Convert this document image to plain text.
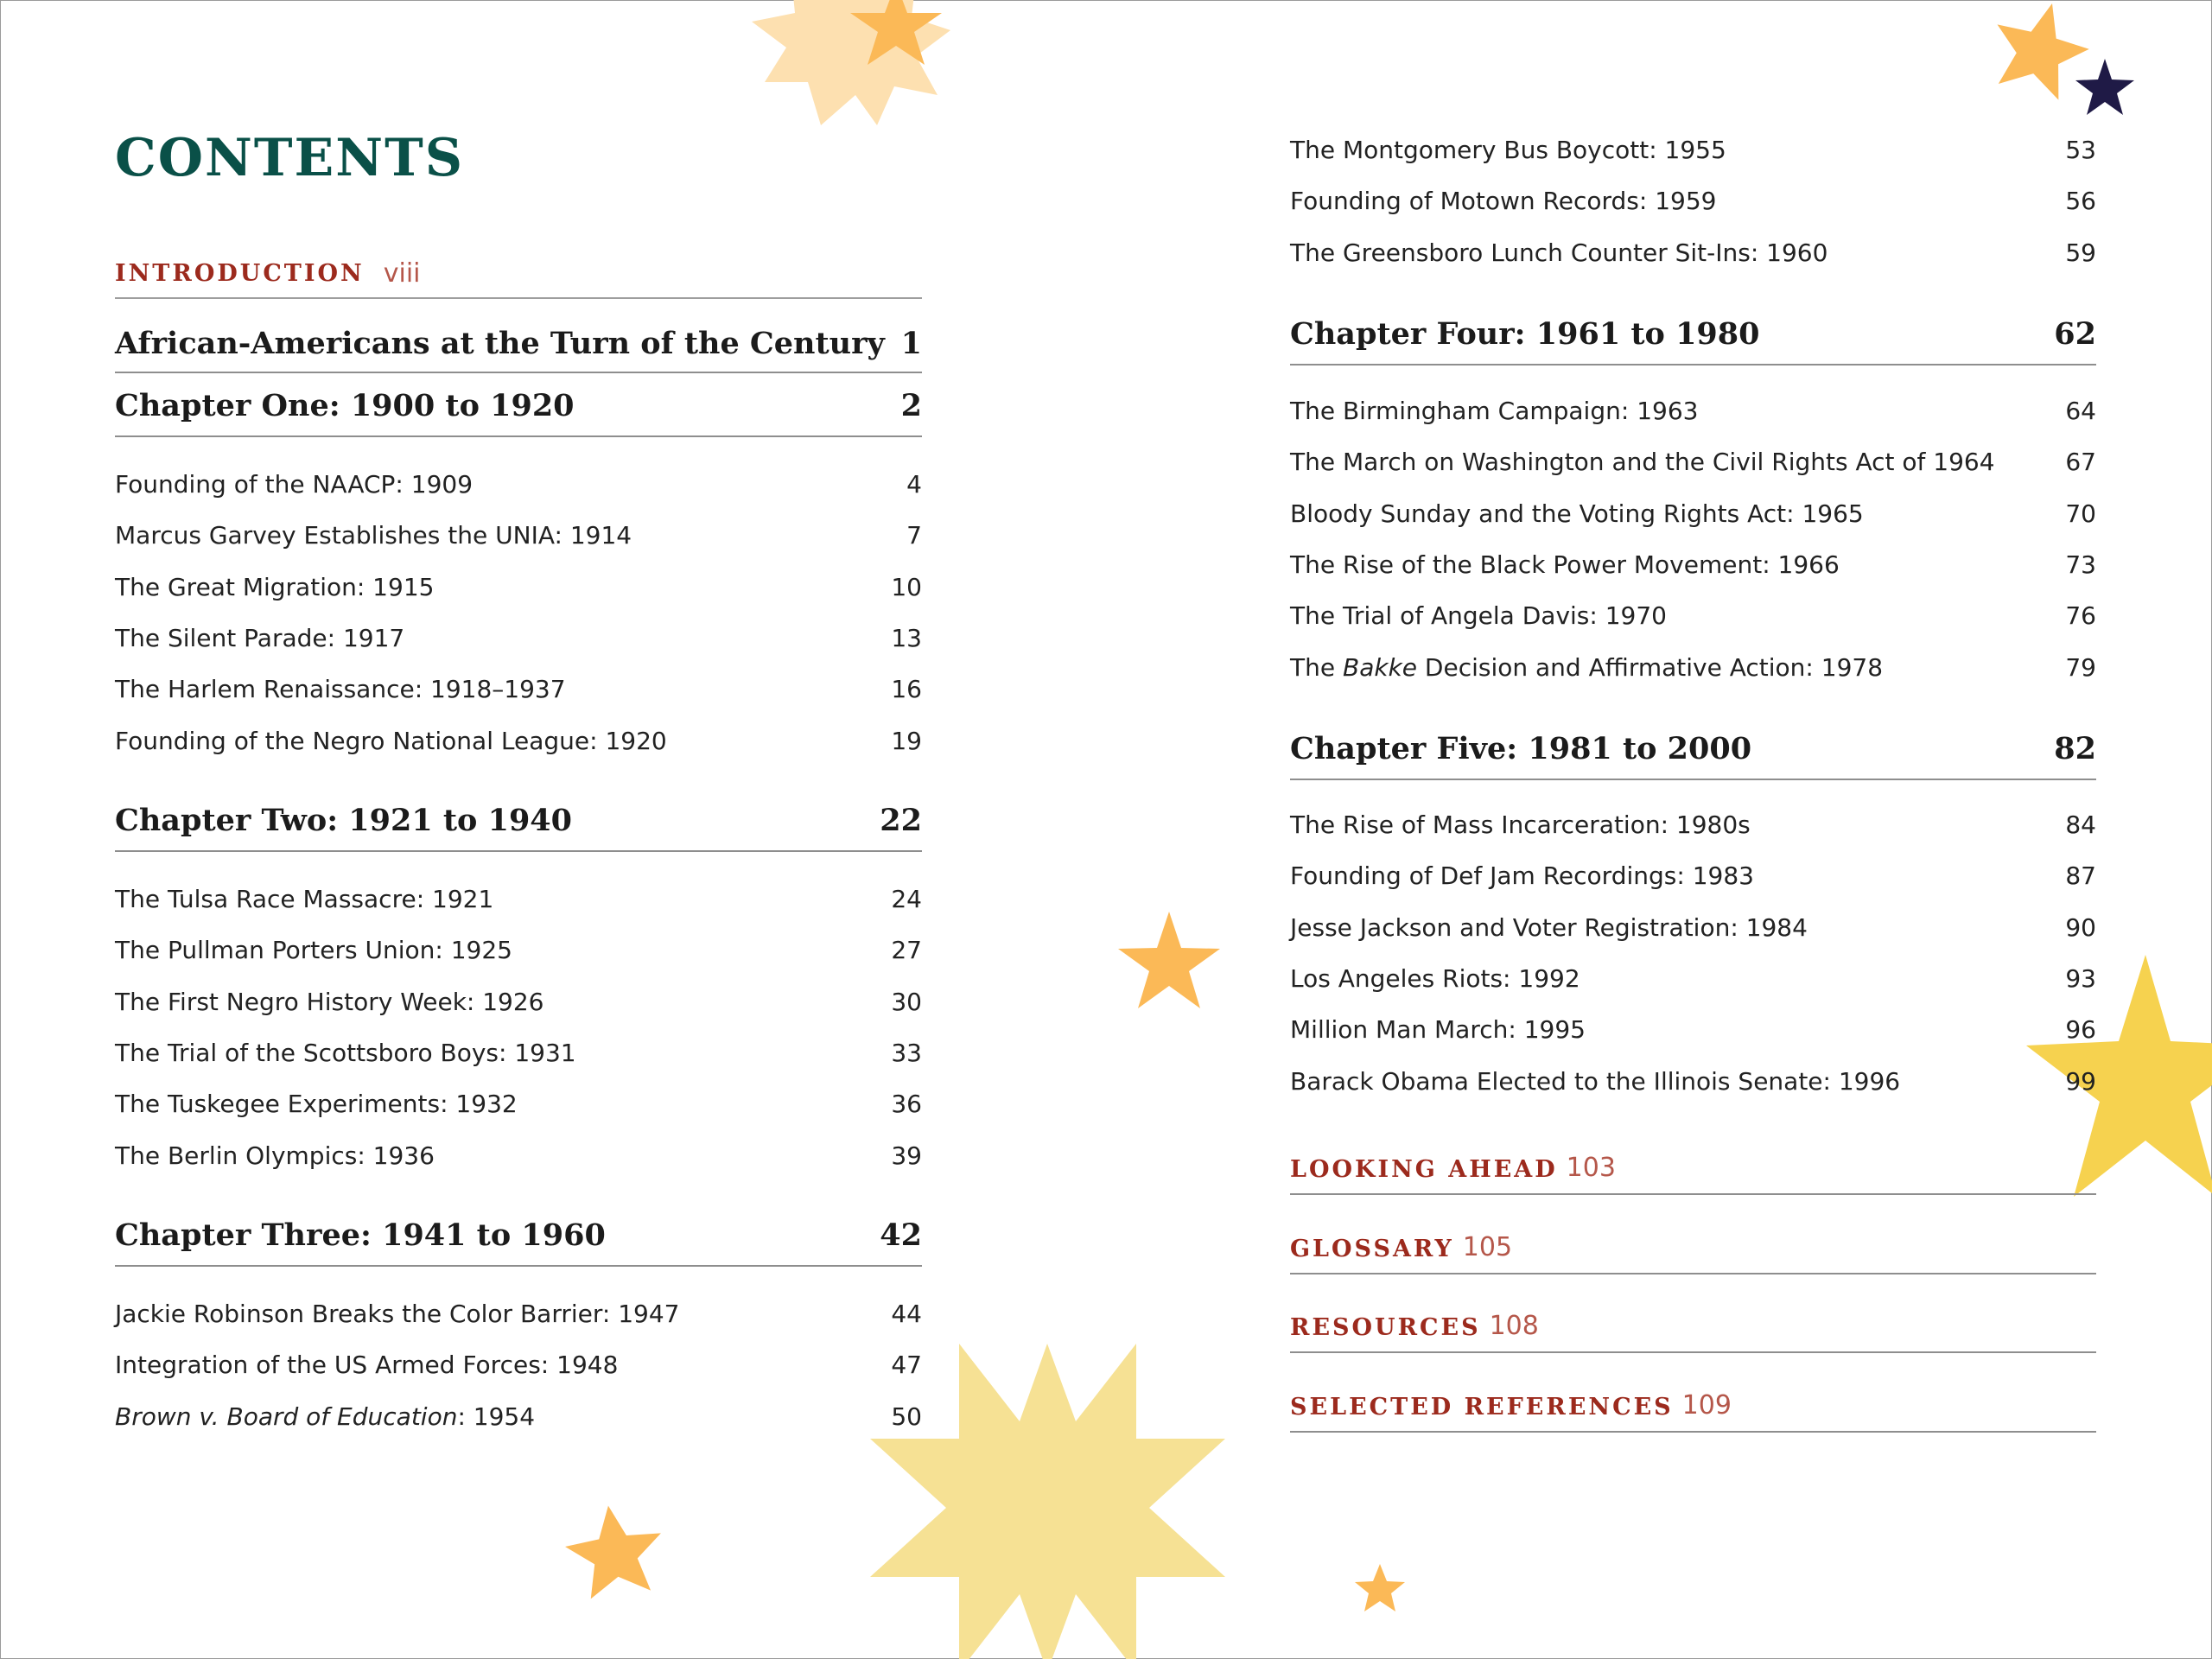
CONTENTS
INTRODUCTION viii
African-Americans at the Turn of the Century 1
Chapter One: 1900 to 1920	2
Founding of the NAACP: 1909	4
Marcus Garvey Establishes the UNIA: 1914	7
The Great Migration: 1915	10
The Silent Parade: 1917	13
The Harlem Renaissance: 1918–1937	16
Founding of the Negro National League: 1920	19
Chapter Two: 1921 to 1940	22
The Tulsa Race Massacre: 1921	24
The Pullman Porters Union: 1925	27
The First Negro History Week: 1926	30
The Trial of the Scottsboro Boys: 1931	33
The Tuskegee Experiments: 1932	36
The Berlin Olympics: 1936	39
Chapter Three: 1941 to 1960	42
Jackie Robinson Breaks the Color Barrier: 1947	44
Integration of the US Armed Forces: 1948	47
Brown v. Board of Education: 1954	50
The Montgomery Bus Boycott: 1955	53
Founding of Motown Records: 1959	56
The Greensboro Lunch Counter Sit-Ins: 1960	59
Chapter Four: 1961 to 1980	62
The Birmingham Campaign: 1963	64
The March on Washington and the Civil Rights Act of 1964	67
Bloody Sunday and the Voting Rights Act: 1965	70
The Rise of the Black Power Movement: 1966	73
The Trial of Angela Davis: 1970	76
The Bakke Decision and Affirmative Action: 1978	79
Chapter Five: 1981 to 2000	82
The Rise of Mass Incarceration: 1980s	84
Founding of Def Jam Recordings: 1983	87
Jesse Jackson and Voter Registration: 1984	90
Los Angeles Riots: 1992	93
Million Man March: 1995	96
Barack Obama Elected to the Illinois Senate: 1996	99
LOOKING AHEAD 103
GLOSSARY 105
RESOURCES 108
SELECTED REFERENCES 109
